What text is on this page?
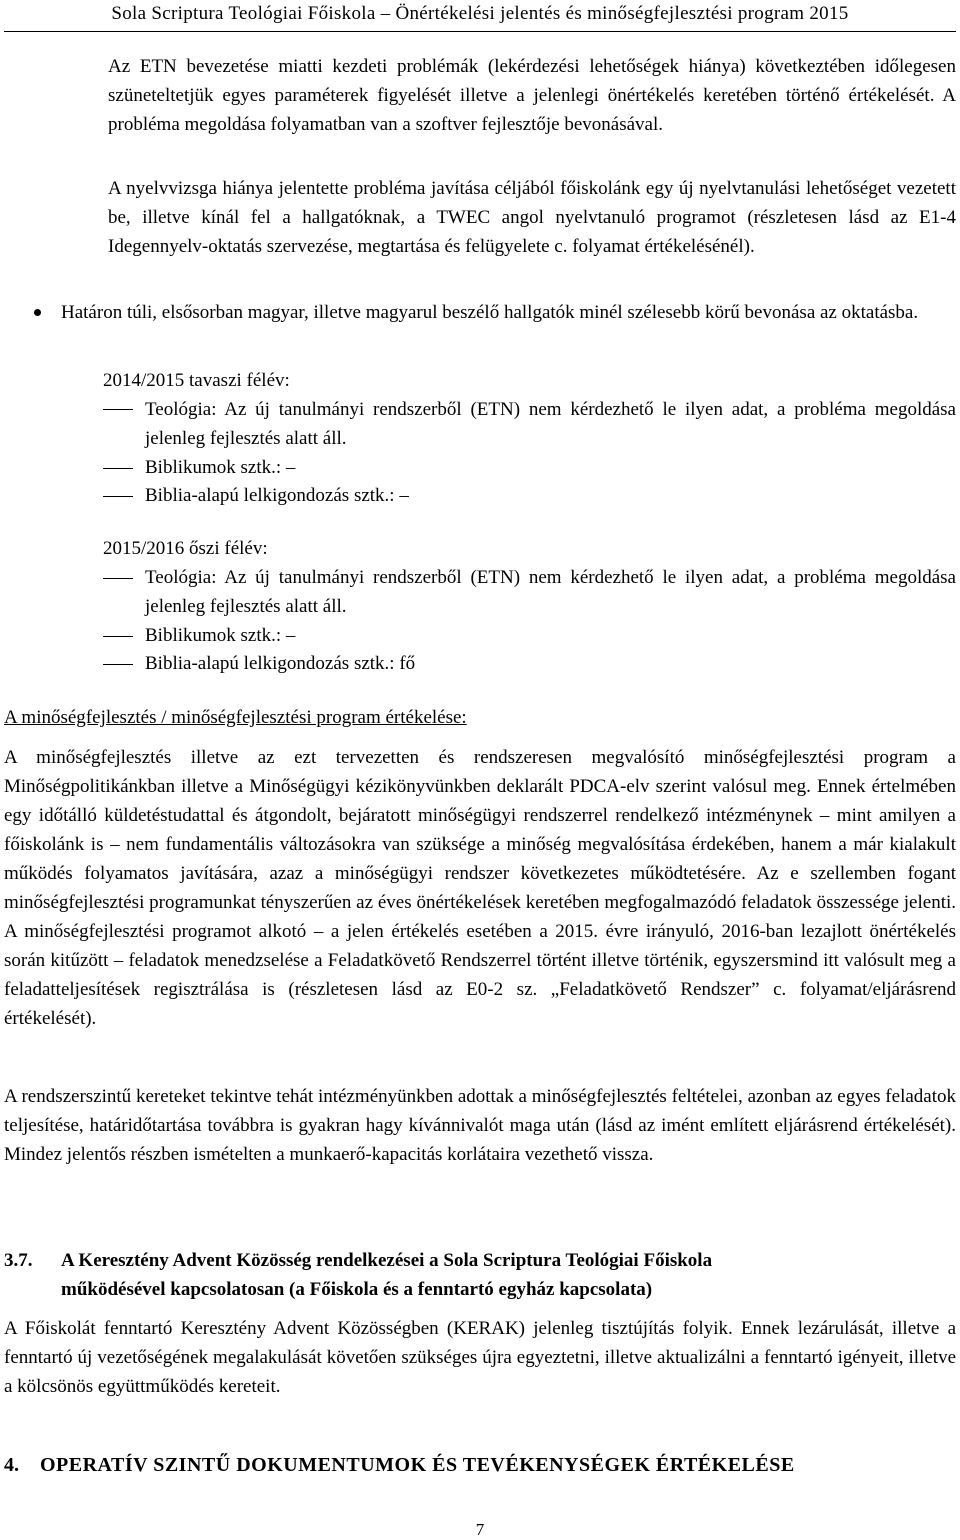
Sola Scriptura Teológiai Főiskola – Önértékelési jelentés és minőségfejlesztési program 2015

Az ETN bevezetése miatti kezdeti problémák (lekérdezési lehetőségek hiánya) következtében időlegesen szüneteltetjük egyes paraméterek figyelését illetve a jelenlegi önértékelés keretében történő értékelését. A probléma megoldása folyamatban van a szoftver fejlesztője bevonásával.

A nyelvvizsga hiánya jelentette probléma javítása céljából főiskolánk egy új nyelvtanulási lehetőséget vezetett be, illetve kínál fel a hallgatóknak, a TWEC angol nyelvtanuló programot (részletesen lásd az E1-4 Idegennyelv-oktatás szervezése, megtartása és felügyelete c. folyamat értékelésénél).

Határon túli, elsősorban magyar, illetve magyarul beszélő hallgatók minél szélesebb körű bevonása az oktatásba.

2014/2015 tavaszi félév:

Teológia: Az új tanulmányi rendszerből (ETN) nem kérdezhető le ilyen adat, a probléma megoldása jelenleg fejlesztés alatt áll.

Biblikumok sztk.: –

Biblia-alapú lelkigondozás sztk.: –

2015/2016 őszi félév:

Teológia: Az új tanulmányi rendszerből (ETN) nem kérdezhető le ilyen adat, a probléma megoldása jelenleg fejlesztés alatt áll.

Biblikumok sztk.: –

Biblia-alapú lelkigondozás sztk.: fő

A minőségfejlesztés / minőségfejlesztési program értékelése:

A minőségfejlesztés illetve az ezt tervezetten és rendszeresen megvalósító minőségfejlesztési program a Minőségpolitikánkban illetve a Minőségügyi kézikönyvünkben deklarált PDCA-elv szerint valósul meg. Ennek értelmében egy időtálló küldetéstudattal és átgondolt, bejáratott minőségügyi rendszerrel rendelkező intézménynek – mint amilyen a főiskolánk is – nem fundamentális változásokra van szüksége a minőség megvalósítása érdekében, hanem a már kialakult működés folyamatos javítására, azaz a minőségügyi rendszer következetes működtetésére. Az e szellemben fogant minőségfejlesztési programunkat tényszerűen az éves önértékelések keretében megfogalmazódó feladatok összessége jelenti. A minőségfejlesztési programot alkotó – a jelen értékelés esetében a 2015. évre irányuló, 2016-ban lezajlott önértékelés során kitűzött – feladatok menedzselése a Feladatkövető Rendszerrel történt illetve történik, egyszersmind itt valósult meg a feladatteljesítések regisztrálása is (részletesen lásd az E0-2 sz. „Feladatkövető Rendszer” c. folyamat/eljárásrend értékelését).

A rendszerszintű kereteket tekintve tehát intézményünkben adottak a minőségfejlesztés feltételei, azonban az egyes feladatok teljesítése, határidőtartása továbbra is gyakran hagy kívánnivalót maga után (lásd az imént említett eljárásrend értékelését). Mindez jelentős részben ismételten a munkaerő-kapacitás korlátaira vezethető vissza.

3.7.	A Keresztény Advent Közösség rendelkezései a Sola Scriptura Teológiai Főiskola

működésével kapcsolatosan (a Főiskola és a fenntartó egyház kapcsolata)

A Főiskolát fenntartó Keresztény Advent Közösségben (KERAK) jelenleg tisztújítás folyik. Ennek lezárulását, illetve a fenntartó új vezetőségének megalakulását követően szükséges újra egyeztetni, illetve aktualizálni a fenntartó igényeit, illetve a kölcsönös együttműködés kereteit.

4.	OPERATÍV SZINTŰ DOKUMENTUMOK ÉS TEVÉKENYSÉGEK ÉRTÉKELÉSE

7
